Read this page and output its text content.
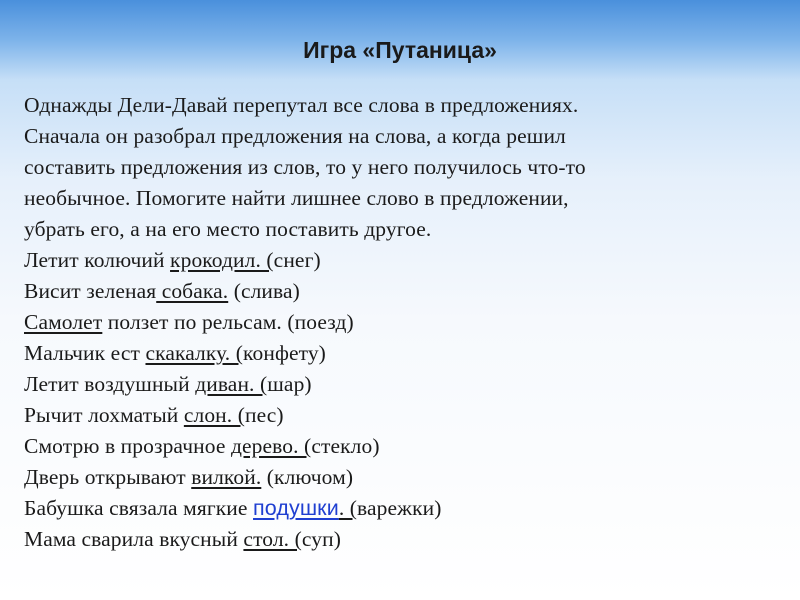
Игра «Путаница»
Однажды Дели-Давай перепутал все слова в предложениях.
Сначала он разобрал предложения на слова, а когда решил
составить предложения из слов, то у него получилось что-то
необычное. Помогите найти лишнее слово в предложении,
убрать его, а на его место поставить другое.
Летит колючий крокодил. (снег)
Висит зеленая собака. (слива)
Самолет ползет по рельсам. (поезд)
Мальчик ест скакалку. (конфету)
Летит воздушный диван. (шар)
Рычит лохматый слон. (пес)
Смотрю в прозрачное дерево. (стекло)
Дверь открывают вилкой. (ключом)
Бабушка связала мягкие подушки. (варежки)
Мама сварила вкусный стол. (суп)
